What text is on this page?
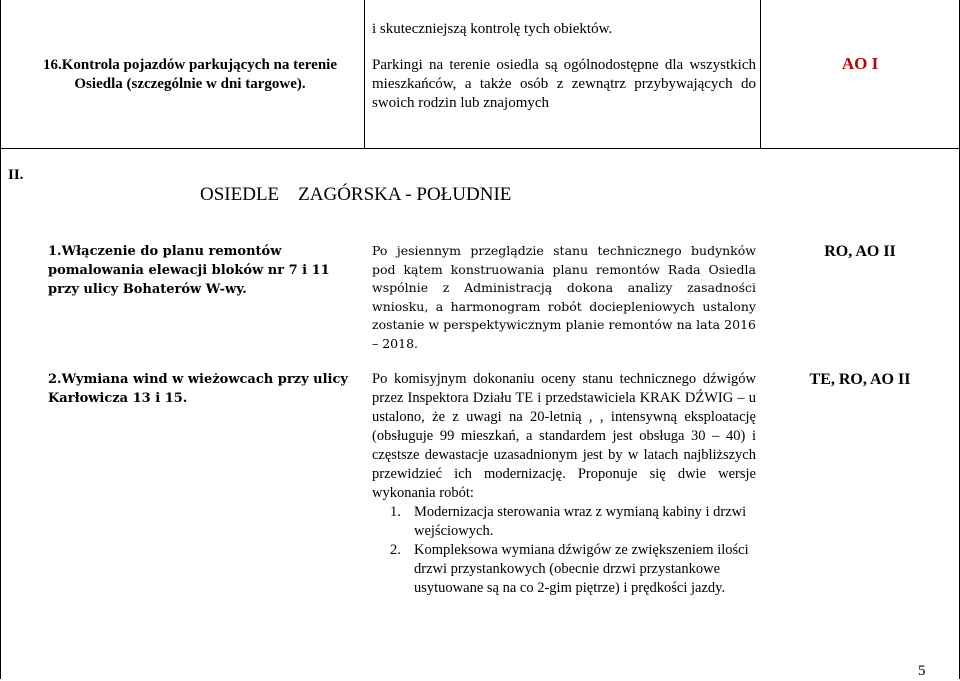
i skuteczniejszą kontrolę tych obiektów.
16.Kontrola pojazdów parkujących na terenie
Osiedla (szczególnie w dni targowe).
Parkingi na terenie osiedla są ogólnodostępne dla wszystkich mieszkańców, a także osób z zewnątrz przybywających do swoich rodzin lub znajomych
AO I
II.
OSIEDLE    ZAGÓRSKA - POŁUDNIE
1.Włączenie do planu remontów pomalowania elewacji bloków nr 7 i 11 przy ulicy Bohaterów W-wy.
Po jesiennym przeglądzie stanu technicznego budynków pod kątem konstruowania planu remontów Rada Osiedla wspólnie z Administracją dokona analizy zasadności wniosku, a harmonogram robót dociepleniowych ustalony zostanie w perspektywicznym planie remontów na lata 2016 – 2018.
RO, AO II
2.Wymiana wind w wieżowcach przy ulicy Karłowicza 13 i 15.
Po komisyjnym dokonaniu oceny stanu technicznego dźwigów przez Inspektora Działu TE i przedstawiciela KRAK DŹWIG – u ustalono, że z uwagi na 20-letnią , , intensywną eksploatację (obsługuje 99 mieszkań, a standardem jest obsługa 30 – 40) i częstsze dewastacje uzasadnionym jest by w latach najbliższych przewidzieć ich modernizację. Proponuje się dwie wersje wykonania robót:
1. Modernizacja sterowania wraz z wymianą kabiny i drzwi wejściowych.
2. Kompleksowa wymiana dźwigów ze zwiększeniem ilości drzwi przystankowych (obecnie drzwi przystankowe usytuowane są na co 2-gim piętrze) i prędkości jazdy.
TE, RO, AO II
5
